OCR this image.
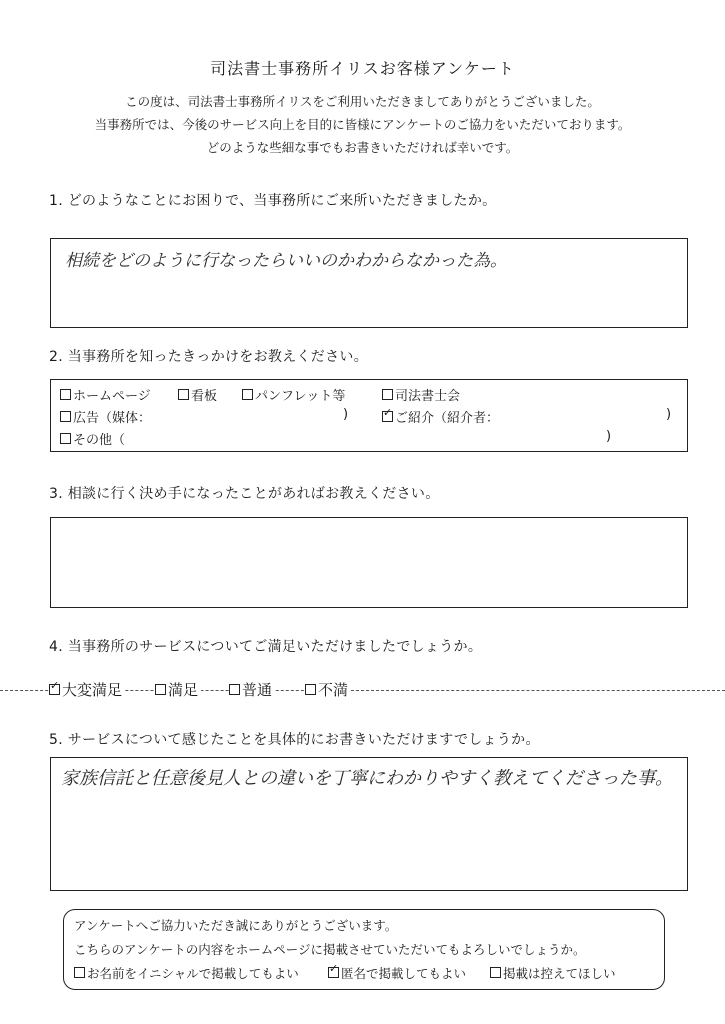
司法書士事務所イリスお客様アンケート
この度は、司法書士事務所イリスをご利用いただきましてありがとうございました。
当事務所では、今後のサービス向上を目的に皆様にアンケートのご協力をいただいております。
どのような些細な事でもお書きいただければ幸いです。
1. どのようなことにお困りで、当事務所にご来所いただきましたか。
相続をどのように行なったらいいのかわからなかった為。
2. 当事務所を知ったきっかけをお教えください。
ホームページ	看板	パンフレット等	司法書士会
広告（媒体：	) ✓	ご紹介（紹介者：	)
その他（	)
3. 相談に行く決め手になったことがあればお教えください。
4. 当事務所のサービスについてご満足いただけましたでしょうか。
✓大変満足	満足	普通	不満
5. サービスについて感じたことを具体的にお書きいただけますでしょうか。
家族信託と任意後見人との違いを丁寧にわかりやすく教えてくださった事。
アンケートへご協力いただき誠にありがとうございます。
こちらのアンケートの内容をホームページに掲載させていただいてもよろしいでしょうか。
お名前をイニシャルで掲載してもよい ✓	匿名で掲載してもよい	掲載は控えてほしい
